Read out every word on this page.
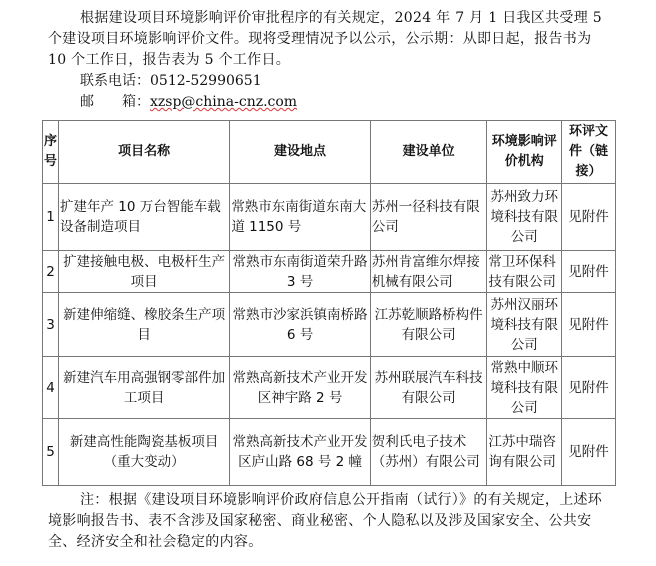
根据建设项目环境影响评价审批程序的有关规定，2024 年 7 月 1 日我区共受理 5 个建设项目环境影响评价文件。现将受理情况予以公示，公示期：从即日起，报告书为 10 个工作日，报告表为 5 个工作日。
联系电话：0512-52990651
邮　　箱：xzsp@china-cnz.com
序号	项目名称	建设地点	建设单位	环境影响评价机构	环评文件（链接）
1	扩建年产 10 万台智能车载设备制造项目	常熟市东南街道东南大道 1150 号	苏州一径科技有限公司	苏州致力环境科技有限公司	见附件
2	扩建接触电极、电极杆生产项目	常熟市东南街道荣升路 3 号	苏州肯富维尔焊接机械有限公司	常卫环保科技有限公司	见附件
3	新建伸缩缝、橡胶条生产项目	常熟市沙家浜镇南桥路 6 号	江苏乾顺路桥构件有限公司	苏州汉丽环境科技有限公司	见附件
4	新建汽车用高强钢零部件加工项目	常熟高新技术产业开发区神宇路 2 号	苏州联展汽车科技有限公司	常熟中顺环境科技有限公司	见附件
5	新建高性能陶瓷基板项目（重大变动）	常熟高新技术产业开发区庐山路 68 号 2 幢	贺利氏电子技术（苏州）有限公司	江苏中瑞咨询有限公司	见附件
注：根据《建设项目环境影响评价政府信息公开指南（试行）》的有关规定，上述环境影响报告书、表不含涉及国家秘密、商业秘密、个人隐私以及涉及国家安全、公共安全、经济安全和社会稳定的内容。
